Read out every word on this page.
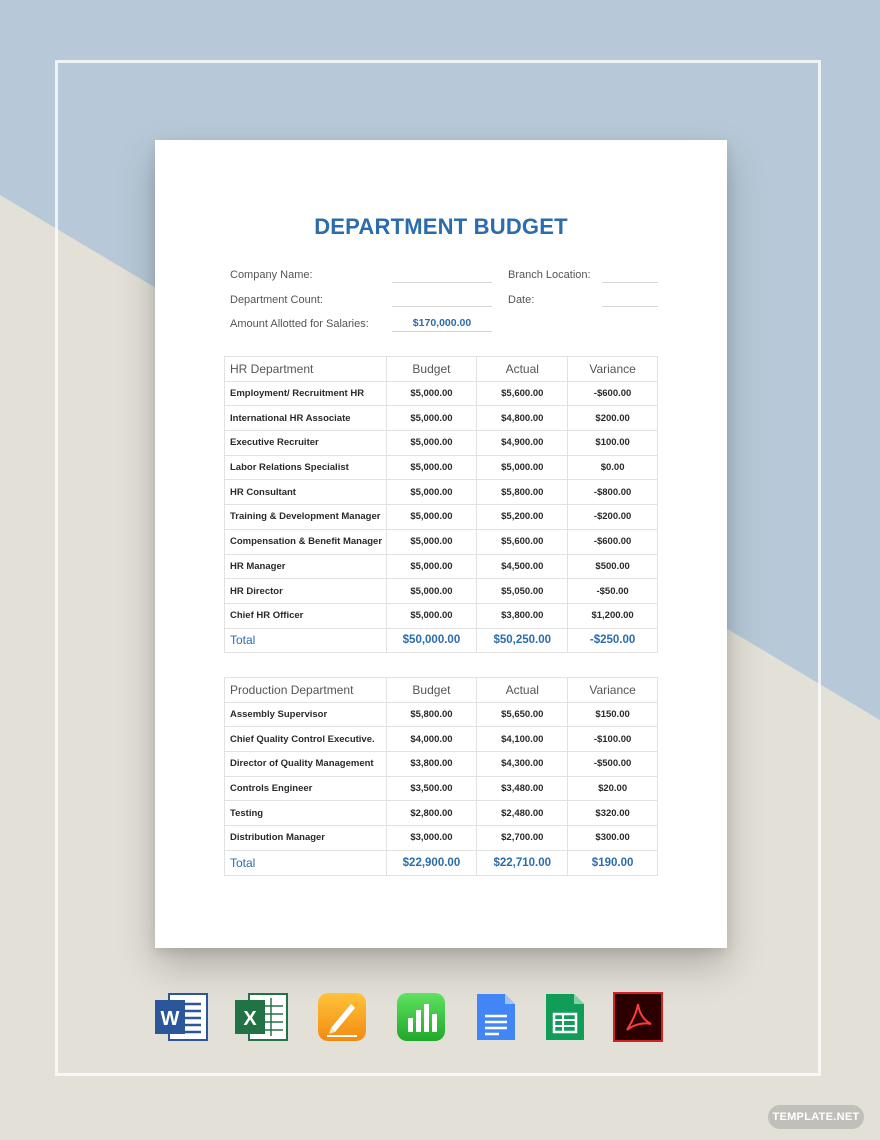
DEPARTMENT BUDGET
Company Name:	Branch Location:
Department Count:	Date:
Amount Allotted for Salaries:	$170,000.00
HR Department	Budget	Actual	Variance
Employment/ Recruitment HR	$5,000.00	$5,600.00	-$600.00
International HR Associate	$5,000.00	$4,800.00	$200.00
Executive Recruiter	$5,000.00	$4,900.00	$100.00
Labor Relations Specialist	$5,000.00	$5,000.00	$0.00
HR Consultant	$5,000.00	$5,800.00	-$800.00
Training & Development Manager	$5,000.00	$5,200.00	-$200.00
Compensation & Benefit Manager	$5,000.00	$5,600.00	-$600.00
HR Manager	$5,000.00	$4,500.00	$500.00
HR Director	$5,000.00	$5,050.00	-$50.00
Chief HR Officer	$5,000.00	$3,800.00	$1,200.00
Total	$50,000.00	$50,250.00	-$250.00
Production Department	Budget	Actual	Variance
Assembly Supervisor	$5,800.00	$5,650.00	$150.00
Chief Quality Control Executive.	$4,000.00	$4,100.00	-$100.00
Director of Quality Management	$3,800.00	$4,300.00	-$500.00
Controls Engineer	$3,500.00	$3,480.00	$20.00
Testing	$2,800.00	$2,480.00	$320.00
Distribution Manager	$3,000.00	$2,700.00	$300.00
Total	$22,900.00	$22,710.00	$190.00
W	X
TEMPLATE.NET
